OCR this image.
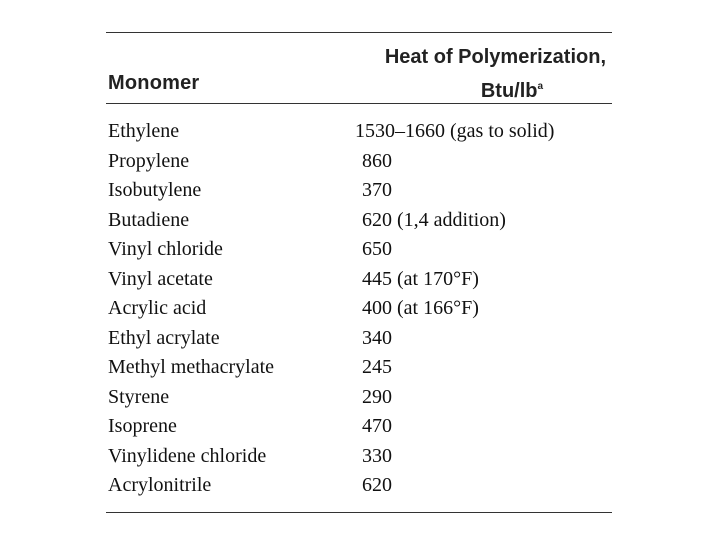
Monomer
Heat of Polymerization,
Btu/$lb^a$
Ethylene	1530–1660 (gas to solid)
Propylene	860
Isobutylene	370
Butadiene	620 (1,4 addition)
Vinyl chloride	650
Vinyl acetate	445 (at 170°F)
Acrylic acid	400 (at 166°F)
Ethyl acrylate	340
Methyl methacrylate	245
Styrene	290
Isoprene	470
Vinylidene chloride	330
Acrylonitrile	620
